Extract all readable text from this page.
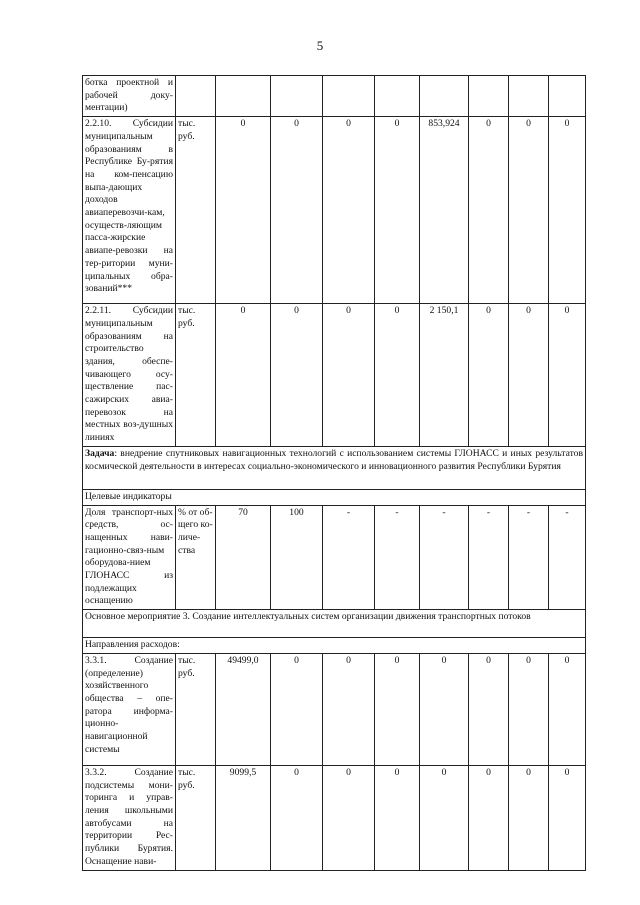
5
ботка проектной и рабочей доку-ментации)									
2.2.10. Субсидии муниципальным образованиям в Республике Бу-рятия на ком-пенсацию выпа-дающих доходов авиаперевозчи-кам, осуществ-ляющим пасса-жирские авиапе-ревозки на тер-ритории муни-ципальных обра-зований***	тыс. руб.	0	0	0	0	853,924	0	0	0
2.2.11. Субсидии муниципальным образованиям на строительство здания, обеспе-чивающего осу-ществление пас-сажирских авиа-перевозок на местных воз-душных линиях	тыс. руб.	0	0	0	0	2 150,1	0	0	0
Задача: внедрение спутниковых навигационных технологий с использованием системы ГЛОНАСС и иных результатов космической деятельности в интересах социально-экономического и инновационного развития Республики Бурятия									
Целевые индикаторы									
Доля транспорт-ных средств, ос-нащенных нави-гационно-связ-ным оборудова-нием ГЛОНАСС из подлежащих оснащению	% от об-щего ко-личе-ства	70	100	-	-	-	-	-	-
Основное мероприятие 3. Создание интеллектуальных систем организации движения транспортных потоков									
Направления расходов:									
3.3.1. Создание (определение) хозяйственного общества – опе-ратора информа-ционно-навигационной системы	тыс. руб.	49499,0	0	0	0	0	0	0	0
3.3.2. Создание подсистемы мони-торинга и управ-ления школьными автобусами на территории Рес-публики Бурятия. Оснащение нави-	тыс. руб.	9099,5	0	0	0	0	0	0	0
